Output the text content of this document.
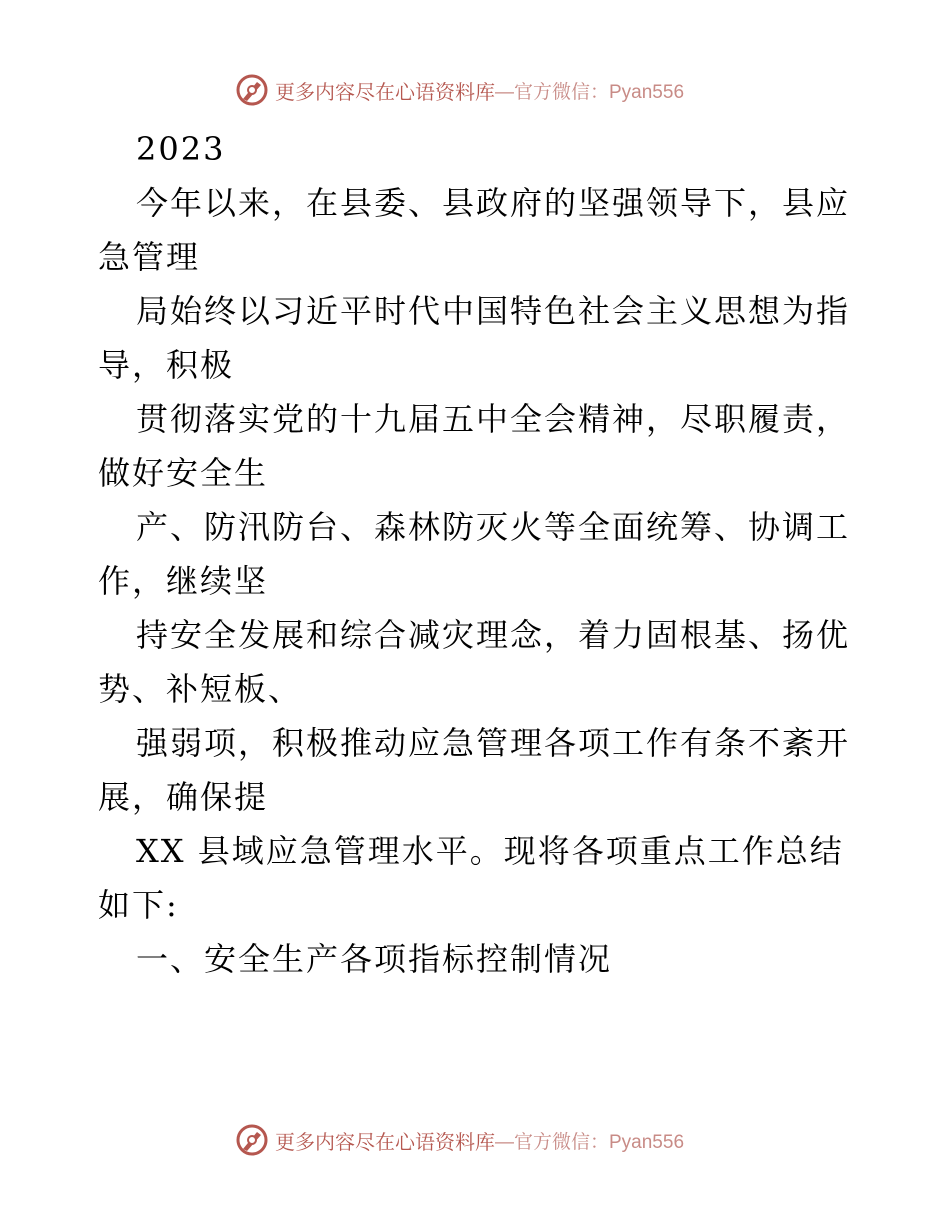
更多内容尽在心语资料库 —官方微信：Pyan556
2023
今年以来，在县委、县政府的坚强领导下，县应
急管理
局始终以习近平时代中国特色社会主义思想为指
导，积极
贯彻落实党的十九届五中全会精神，尽职履责，
做好安全生
产、防汛防台、森林防灭火等全面统筹、协调工
作，继续坚
持安全发展和综合减灾理念，着力固根基、扬优
势、补短板、
强弱项，积极推动应急管理各项工作有条不紊开
展，确保提
XX 县域应急管理水平。现将各项重点工作总结
如下:
一、安全生产各项指标控制情况
更多内容尽在心语资料库 —官方微信：Pyan556
